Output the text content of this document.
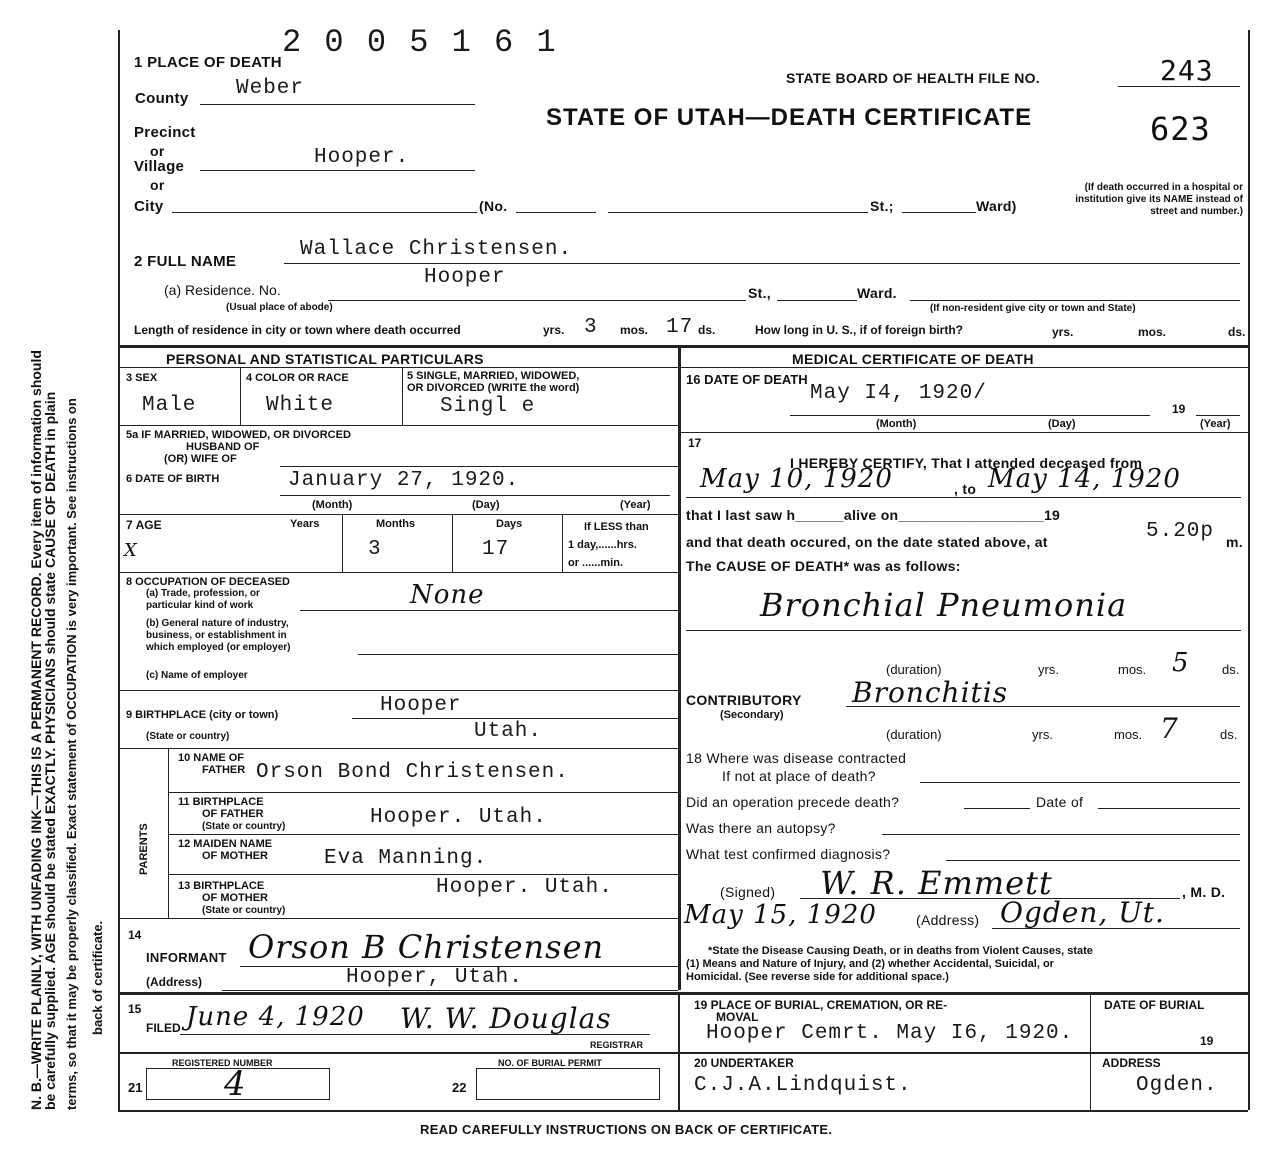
N. B.—WRITE PLAINLY, WITH UNFADING INK—THIS IS A PERMANENT RECORD. Every item of information should
be carefully supplied. AGE should be stated EXACTLY. PHYSICIANS should state CAUSE OF DEATH in plain terms, so that it may be properly classified. Exact statement of OCCUPATION is very important. See instructions on back of certificate.
2 0 0 5 1 6 1
1 PLACE OF DEATH
STATE BOARD OF HEALTH FILE NO.	243
STATE OF UTAH—DEATH CERTIFICATE	623
(If death occurred in a hospital or institution give its NAME instead of street and number.)
County Weber
Precinct
or
Village	Hooper.
or
City	(No.	St.;	Ward)
2 FULL NAME
Wallace Christensen.
Hooper
(a) Residence. No.	St.,	Ward.
(Usual place of abode)	(If non-resident give city or town and State)
Length of residence in city or town where death occurred	yrs. 3 mos. 17 ds.	How long in U. S., if of foreign birth?	yrs.	mos.	ds.
PERSONAL AND STATISTICAL PARTICULARS
3 SEX
Male
4 COLOR OR RACE
White
5 SINGLE, MARRIED, WIDOWED,
OR DIVORCED (WRITE the word)
Singl e
5a IF MARRIED, WIDOWED, OR DIVORCED
HUSBAND OF
(OR) WIFE OF
6 DATE OF BIRTH	January 27, 1920.
(Month)	(Day)	(Year)
7 AGE	Years
X
Months
3
Days
17
If LESS than
1 day,......hrs.
or ......min.
8 OCCUPATION OF DECEASED
(a) Trade, profession, or
particular kind of work	None
(b) General nature of industry,
business, or establishment in
which employed (or employer)
(c) Name of employer
9 BIRTHPLACE (city or town)	Hooper
(State or country)	Utah.
PARENTS
10 NAME OF
FATHER Orson Bond Christensen.
11 BIRTHPLACE
OF FATHER
(State or country)	Hooper. Utah.
12 MAIDEN NAME
OF MOTHER	Eva Manning.
13 BIRTHPLACE
OF MOTHER
(State or country)
Hooper. Utah.
14
INFORMANT Orson B Christensen
(Address)	Hooper, Utah.
15
FILED June 4, 1920 W. W. Douglas
REGISTRAR
REGISTERED NUMBER	NO. OF BURIAL PERMIT
21 4	22
MEDICAL CERTIFICATE OF DEATH
16 DATE OF DEATH
May I4, 1920/
19
(Month)	(Day)	(Year)
17
I HEREBY CERTIFY, That I attended deceased from
May 10, 1920	, to May 14, 1920
that I last saw h______alive on__________________19
and that death occured, on the date stated above, at	5.20p m.
The CAUSE OF DEATH* was as follows:
Bronchial Pneumonia
(duration)	yrs.	mos. 5 ds.
CONTRIBUTORY
(Secondary)
Bronchitis
(duration)	yrs.	mos. 7	ds.
18 Where was disease contracted
If not at place of death?
Did an operation precede death?	Date of
Was there an autopsy?
What test confirmed diagnosis?
(Signed) W. R. Emmett	, M. D.
May 15, 1920	(Address) Ogden, Ut.
*State the Disease Causing Death, or in deaths from Violent Causes, state
(1) Means and Nature of Injury, and (2) whether Accidental, Suicidal, or
Homicidal. (See reverse side for additional space.)
19 PLACE OF BURIAL, CREMATION, OR RE-
MOVAL
Hooper Cemrt. May I6, 1920.
DATE OF BURIAL
19
20 UNDERTAKER
C.J.A.Lindquist.
ADDRESS
Ogden.
READ CAREFULLY INSTRUCTIONS ON BACK OF CERTIFICATE.
